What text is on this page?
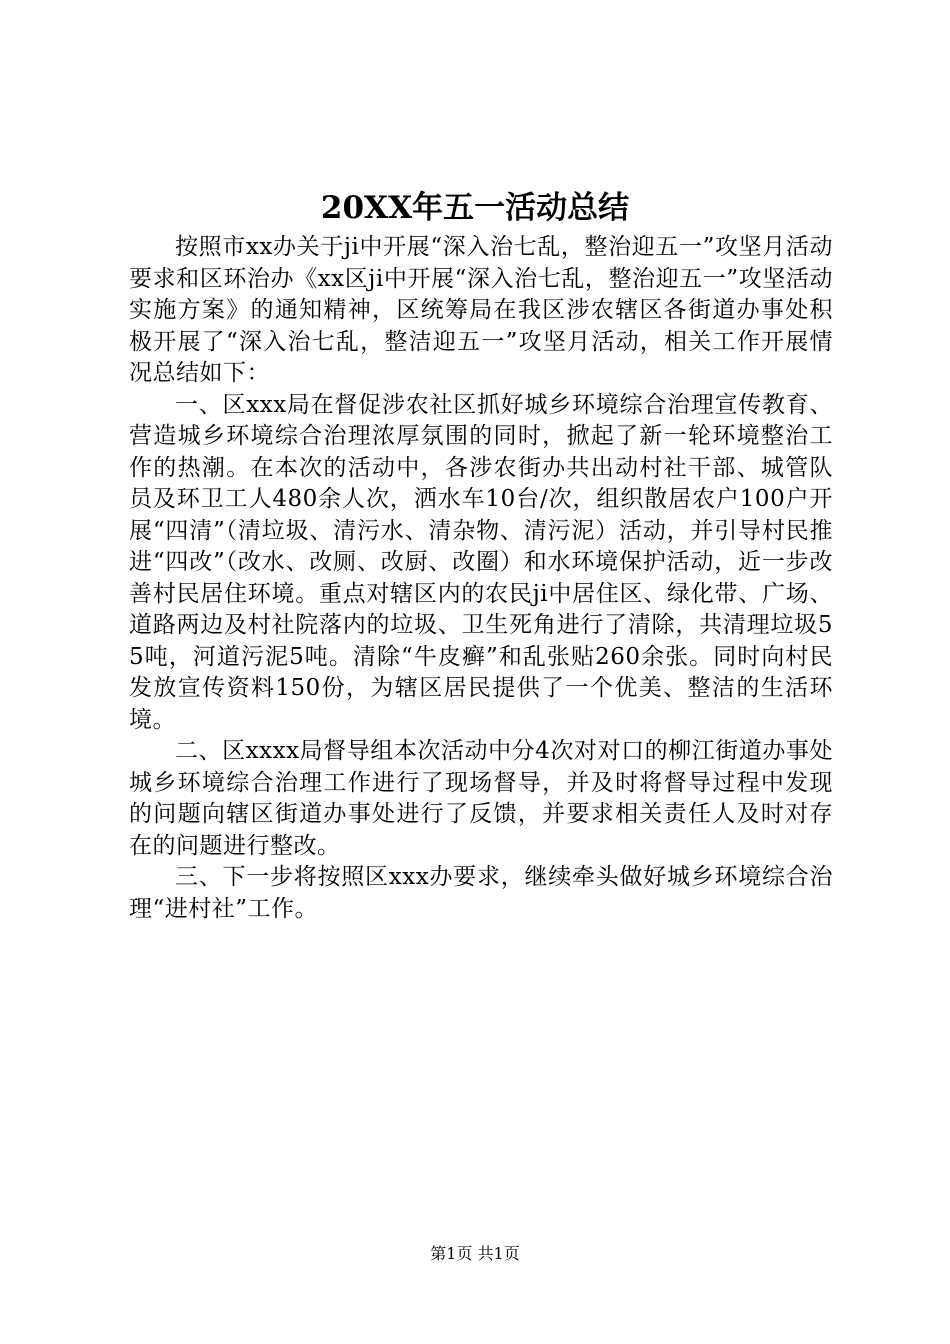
20XX年五一活动总结

按照市xx办关于ji中开展“深入治七乱，整治迎五一”攻坚月活动要求和区环治办《xx区ji中开展“深入治七乱，整治迎五一”攻坚活动实施方案》的通知精神，区统筹局在我区涉农辖区各街道办事处积极开展了“深入治七乱，整洁迎五一”攻坚月活动，相关工作开展情况总结如下：

一、区xxx局在督促涉农社区抓好城乡环境综合治理宣传教育、营造城乡环境综合治理浓厚氛围的同时，掀起了新一轮环境整治工作的热潮。在本次的活动中，各涉农街办共出动村社干部、城管队员及环卫工人480余人次，洒水车10台/次，组织散居农户100户开展“四清”（清垃圾、清污水、清杂物、清污泥）活动，并引导村民推进“四改”（改水、改厕、改厨、改圈）和水环境保护活动，近一步改善村民居住环境。重点对辖区内的农民ji中居住区、绿化带、广场、道路两边及村社院落内的垃圾、卫生死角进行了清除，共清理垃圾55吨，河道污泥5吨。清除“牛皮癣”和乱张贴260余张。同时向村民发放宣传资料150份，为辖区居民提供了一个优美、整洁的生活环境。

二、区xxxx局督导组本次活动中分4次对对口的柳江街道办事处城乡环境综合治理工作进行了现场督导，并及时将督导过程中发现的问题向辖区街道办事处进行了反馈，并要求相关责任人及时对存在的问题进行整改。

三、下一步将按照区xxx办要求，继续牵头做好城乡环境综合治理“进村社”工作。

第1页 共1页
